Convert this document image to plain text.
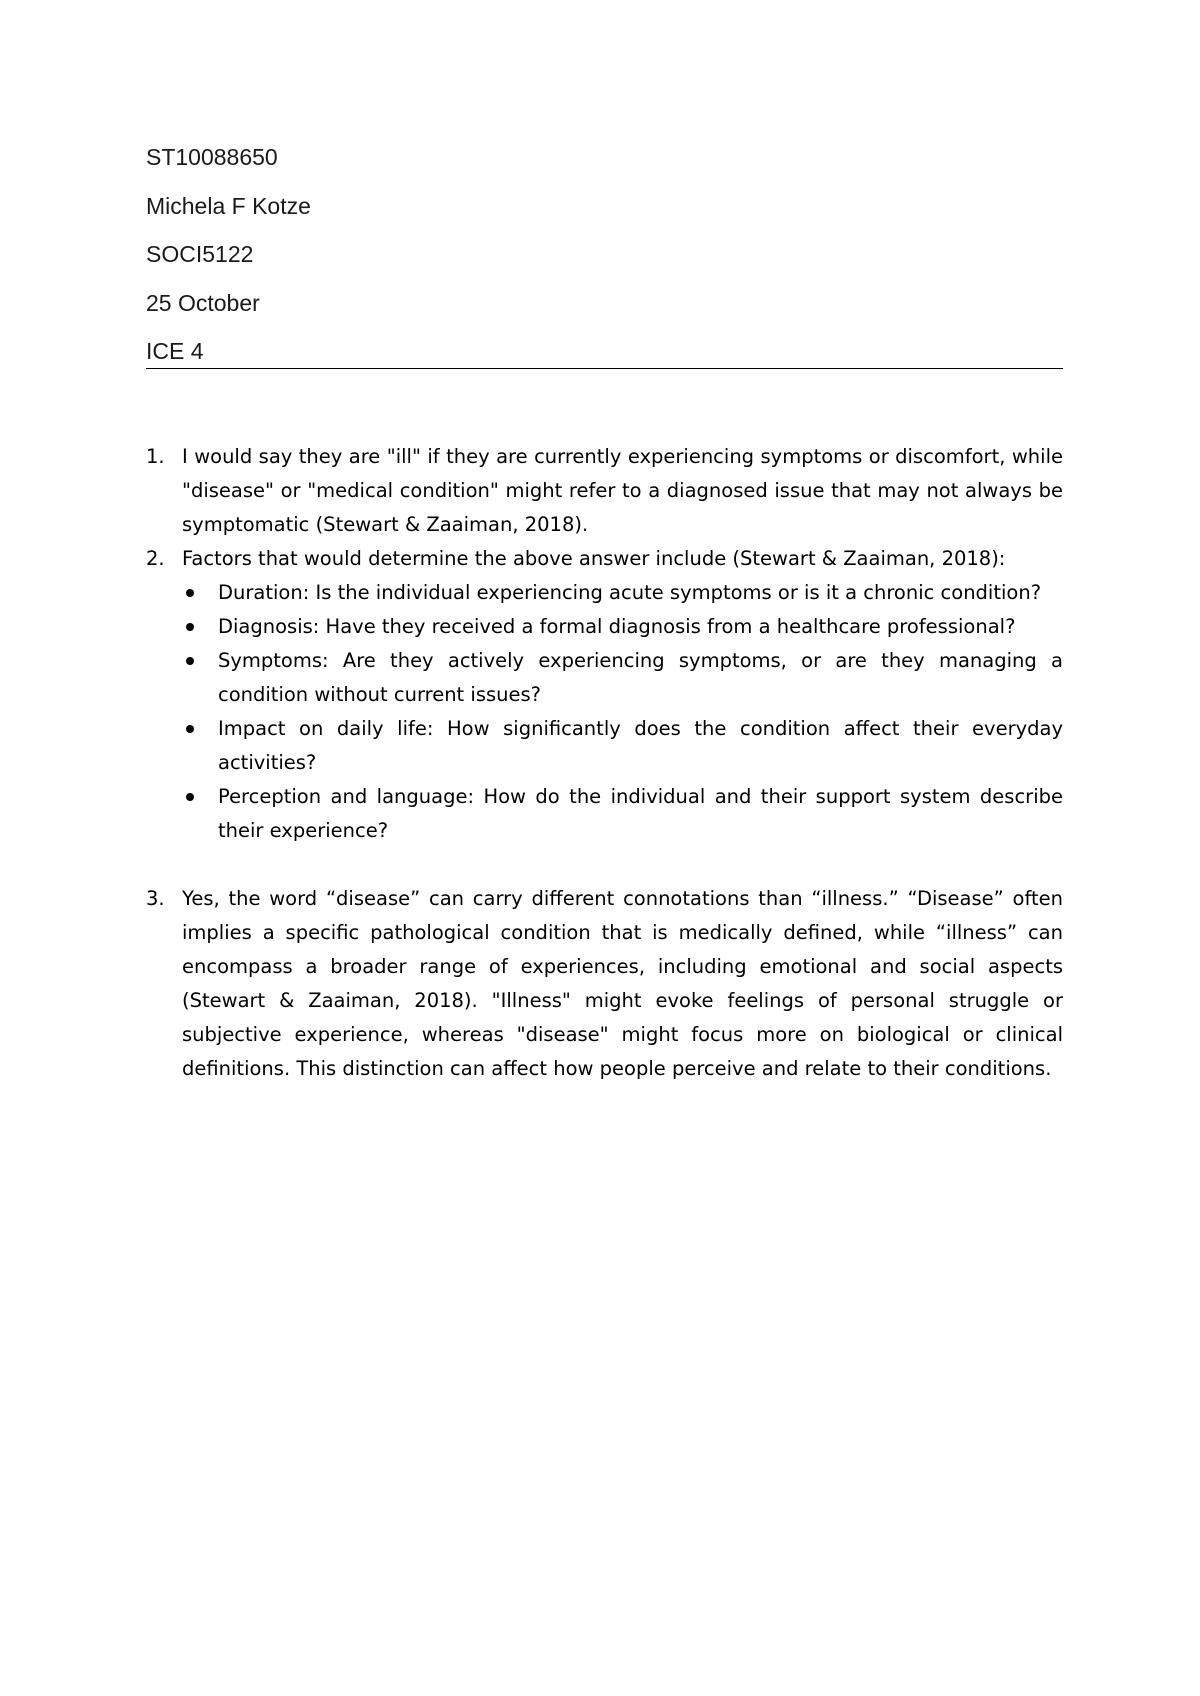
ST10088650
Michela F Kotze
SOCI5122
25 October
ICE 4
1. I would say they are "ill" if they are currently experiencing symptoms or discomfort, while "disease" or "medical condition" might refer to a diagnosed issue that may not always be symptomatic (Stewart & Zaaiman, 2018).
2. Factors that would determine the above answer include (Stewart & Zaaiman, 2018):
Duration: Is the individual experiencing acute symptoms or is it a chronic condition?
Diagnosis: Have they received a formal diagnosis from a healthcare professional?
Symptoms: Are they actively experiencing symptoms, or are they managing a condition without current issues?
Impact on daily life: How significantly does the condition affect their everyday activities?
Perception and language: How do the individual and their support system describe their experience?
3. Yes, the word “disease” can carry different connotations than “illness.” “Disease” often implies a specific pathological condition that is medically defined, while “illness” can encompass a broader range of experiences, including emotional and social aspects (Stewart & Zaaiman, 2018). "Illness" might evoke feelings of personal struggle or subjective experience, whereas "disease" might focus more on biological or clinical definitions. This distinction can affect how people perceive and relate to their conditions.
